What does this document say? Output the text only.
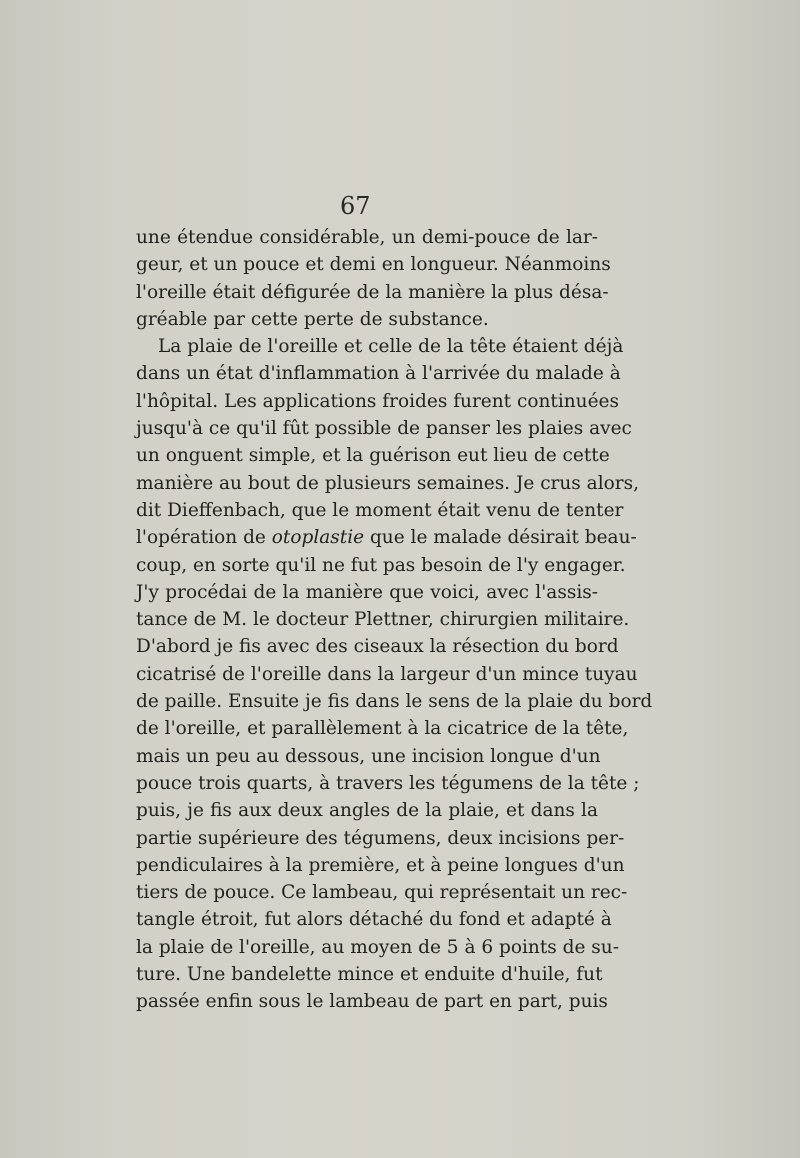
67

une étendue considérable, un demi-pouce de lar-
geur, et un pouce et demi en longueur. Néanmoins
l'oreille était défigurée de la manière la plus désa-
gréable par cette perte de substance.
La plaie de l'oreille et celle de la tête étaient déjà
dans un état d'inflammation à l'arrivée du malade à
l'hôpital. Les applications froides furent continuées
jusqu'à ce qu'il fût possible de panser les plaies avec
un onguent simple, et la guérison eut lieu de cette
manière au bout de plusieurs semaines. Je crus alors,
dit Dieffenbach, que le moment était venu de tenter
l'opération de otoplastie que le malade désirait beau-
coup, en sorte qu'il ne fut pas besoin de l'y engager.
J'y procédai de la manière que voici, avec l'assis-
tance de M. le docteur Plettner, chirurgien militaire.
D'abord je fis avec des ciseaux la résection du bord
cicatrisé de l'oreille dans la largeur d'un mince tuyau
de paille. Ensuite je fis dans le sens de la plaie du bord
de l'oreille, et parallèlement à la cicatrice de la tête,
mais un peu au dessous, une incision longue d'un
pouce trois quarts, à travers les tégumens de la tête ;
puis, je fis aux deux angles de la plaie, et dans la
partie supérieure des tégumens, deux incisions per-
pendiculaires à la première, et à peine longues d'un
tiers de pouce. Ce lambeau, qui représentait un rec-
tangle étroit, fut alors détaché du fond et adapté à
la plaie de l'oreille, au moyen de 5 à 6 points de su-
ture. Une bandelette mince et enduite d'huile, fut
passée enfin sous le lambeau de part en part, puis
